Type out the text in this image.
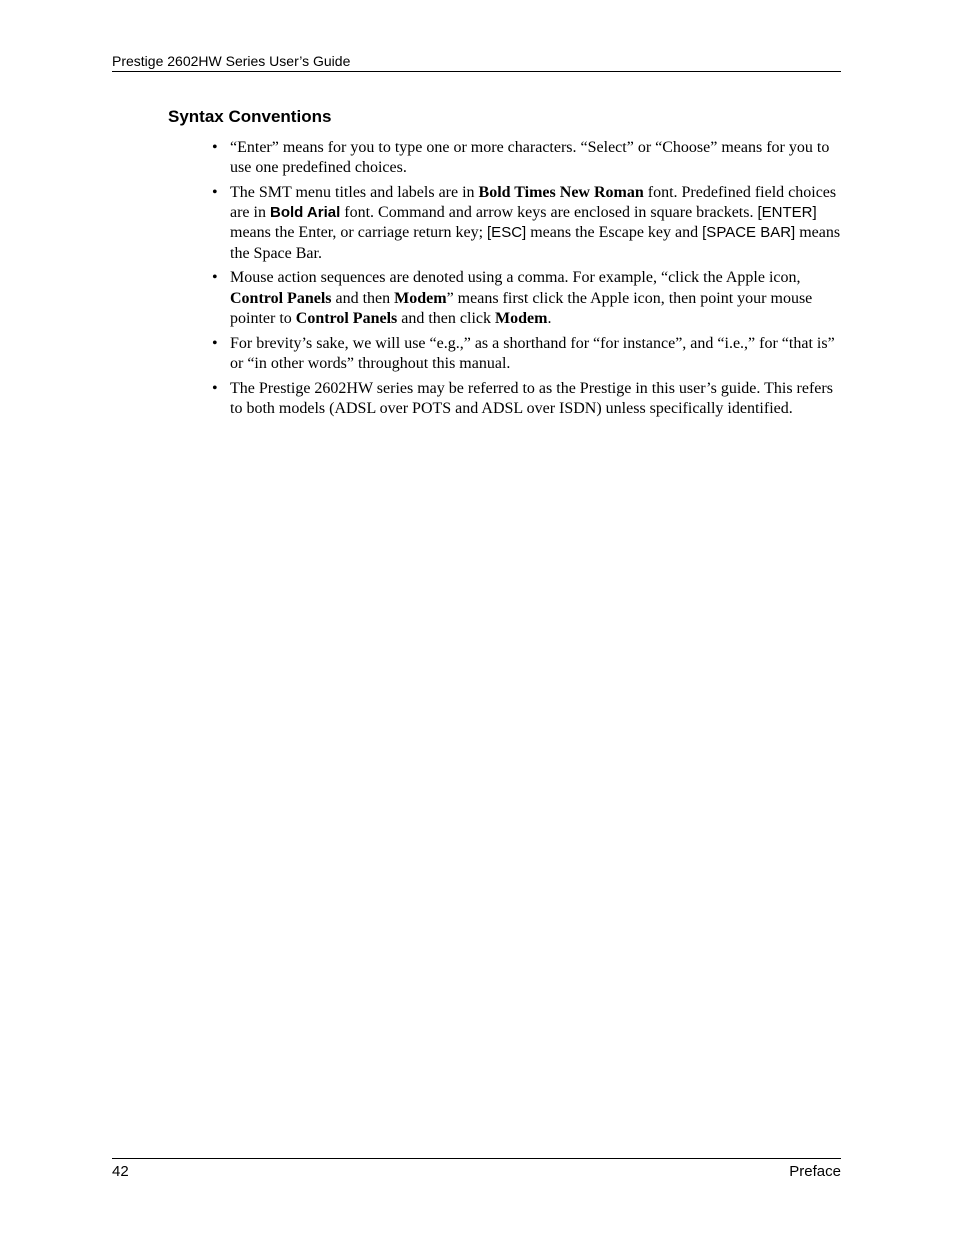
Prestige 2602HW Series User’s Guide
Syntax Conventions
• “Enter” means for you to type one or more characters. “Select” or “Choose” means for you to use one predefined choices.
• The SMT menu titles and labels are in Bold Times New Roman font. Predefined field choices are in Bold Arial font. Command and arrow keys are enclosed in square brackets. [ENTER] means the Enter, or carriage return key; [ESC] means the Escape key and [SPACE BAR] means the Space Bar.
• Mouse action sequences are denoted using a comma. For example, “click the Apple icon, Control Panels and then Modem” means first click the Apple icon, then point your mouse pointer to Control Panels and then click Modem.
• For brevity’s sake, we will use “e.g.,” as a shorthand for “for instance”, and “i.e.,” for “that is” or “in other words” throughout this manual.
• The Prestige 2602HW series may be referred to as the Prestige in this user’s guide. This refers to both models (ADSL over POTS and ADSL over ISDN) unless specifically identified.
42	Preface
